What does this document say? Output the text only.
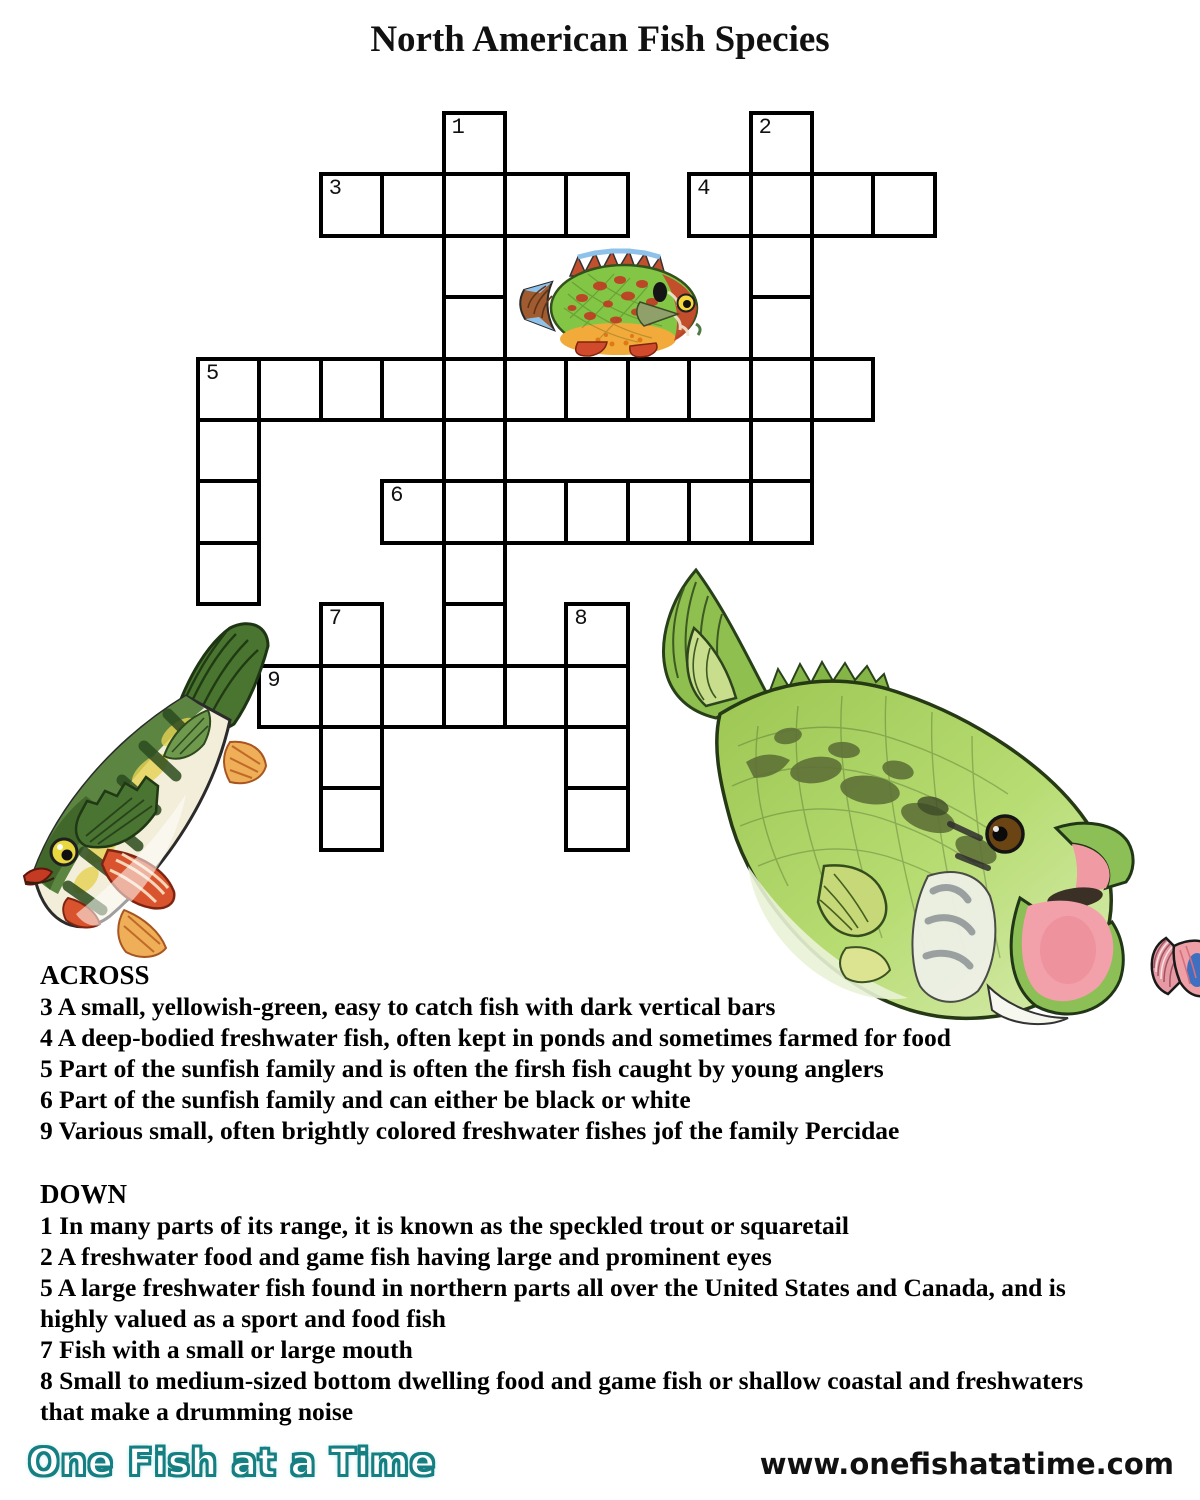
North American Fish Species
1	2
3	4
5
6
7	8
9
ACROSS
3 A small, yellowish-green, easy to catch fish with dark vertical bars
4 A deep-bodied freshwater fish, often kept in ponds and sometimes farmed for food
5 Part of the sunfish family and is often the firsh fish caught by young anglers
6 Part of the sunfish family and can either be black or white
9 Various small, often brightly colored freshwater fishes jof the family Percidae
DOWN
1 In many parts of its range, it is known as the speckled trout or squaretail
2 A freshwater food and game fish having large and prominent eyes
5 A large freshwater fish found in northern parts all over the United States and Canada, and is
highly valued as a sport and food fish
7 Fish with a small or large mouth
8 Small to medium-sized bottom dwelling food and game fish or shallow coastal and freshwaters
that make a drumming noise
One Fish at a Time	www.onefishatatime.com
